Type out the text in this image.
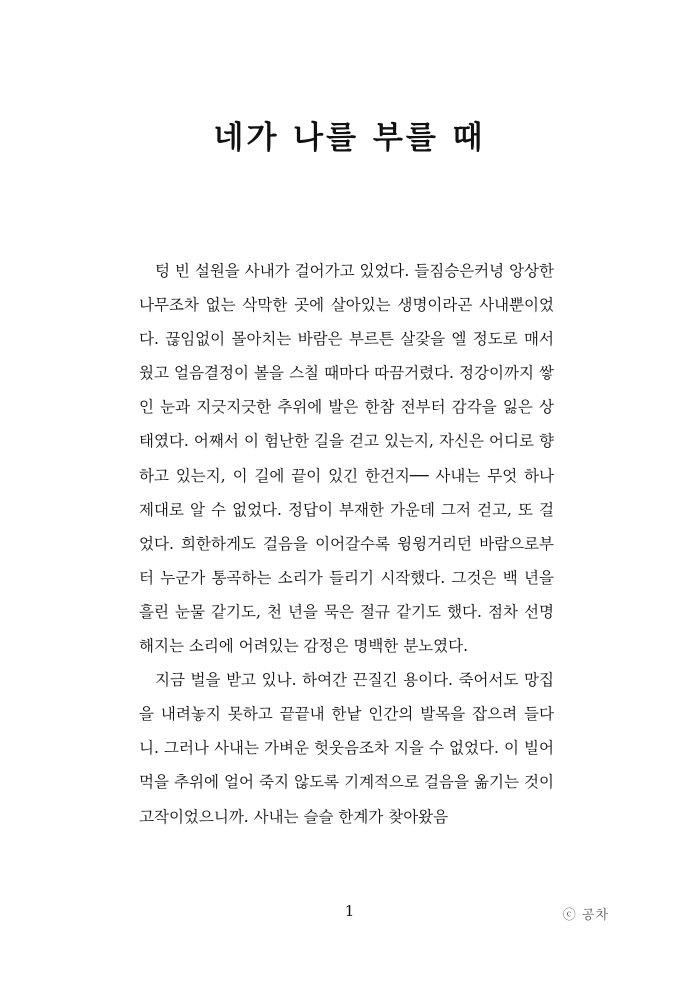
네가 나를 부를 때

텅 빈 설원을 사내가 걸어가고 있었다. 들짐승은커녕 앙상한 나무조차 없는 삭막한 곳에 살아있는 생명이라곤 사내뿐이었다. 끊임없이 몰아치는 바람은 부르튼 살갗을 엘 정도로 매서웠고 얼음결정이 볼을 스칠 때마다 따끔거렸다. 정강이까지 쌓인 눈과 지긋지긋한 추위에 발은 한참 전부터 감각을 잃은 상태였다. 어째서 이 험난한 길을 걷고 있는지, 자신은 어디로 향하고 있는지, 이 길에 끝이 있긴 한건지── 사내는 무엇 하나 제대로 알 수 없었다. 정답이 부재한 가운데 그저 걷고, 또 걸었다. 희한하게도 걸음을 이어갈수록 윙윙거리던 바람으로부터 누군가 통곡하는 소리가 들리기 시작했다. 그것은 백 년을 흘린 눈물 같기도, 천 년을 묵은 절규 같기도 했다. 점차 선명해지는 소리에 어려있는 감정은 명백한 분노였다.

지금 벌을 받고 있나. 하여간 끈질긴 용이다. 죽어서도 망집을 내려놓지 못하고 끝끝내 한낱 인간의 발목을 잡으려 들다니. 그러나 사내는 가벼운 헛웃음조차 지을 수 없었다. 이 빌어먹을 추위에 얼어 죽지 않도록 기계적으로 걸음을 옮기는 것이 고작이었으니까. 사내는 슬슬 한계가 찾아왔음

1	ⓒ 공차
